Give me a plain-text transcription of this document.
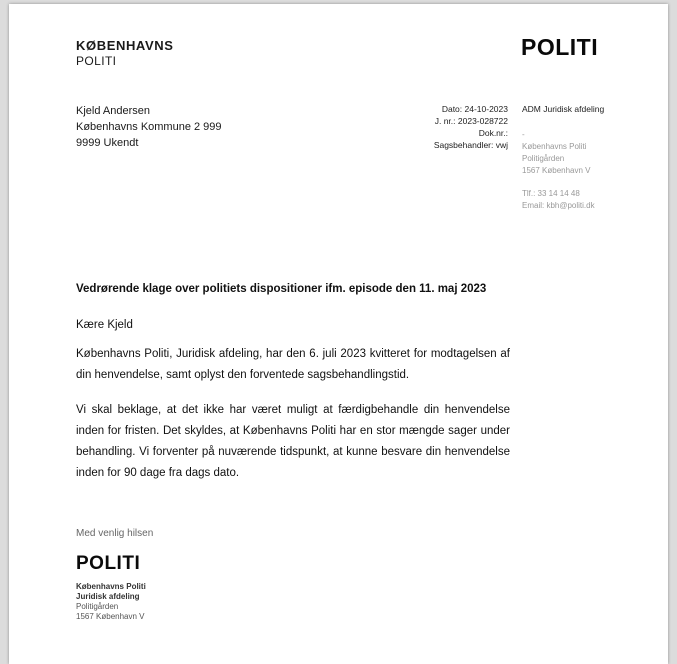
KØBENHAVNS
POLITI
POLITI
Kjeld Andersen
Københavns Kommune 2 999
9999 Ukendt
Dato: 24-10-2023
J. nr.: 2023-028722
Dok.nr.:
Sagsbehandler: vwj
ADM Juridisk afdeling
-
Københavns Politi
Politigården
1567 København V
Tlf.: 33 14 14 48
Email: kbh@politi.dk
Vedrørende klage over politiets dispositioner ifm. episode den 11. maj 2023
Kære Kjeld
Københavns Politi, Juridisk afdeling, har den 6. juli 2023 kvitteret for modtagelsen af din henvendelse, samt oplyst den forventede sagsbehandlingstid.
Vi skal beklage, at det ikke har været muligt at færdigbehandle din henvendelse inden for fristen. Det skyldes, at Københavns Politi har en stor mængde sager under behandling. Vi forventer på nuværende tidspunkt, at kunne besvare din henvendelse inden for 90 dage fra dags dato.
Med venlig hilsen
POLITI
Københavns Politi
Juridisk afdeling
Politigården
1567 København V
